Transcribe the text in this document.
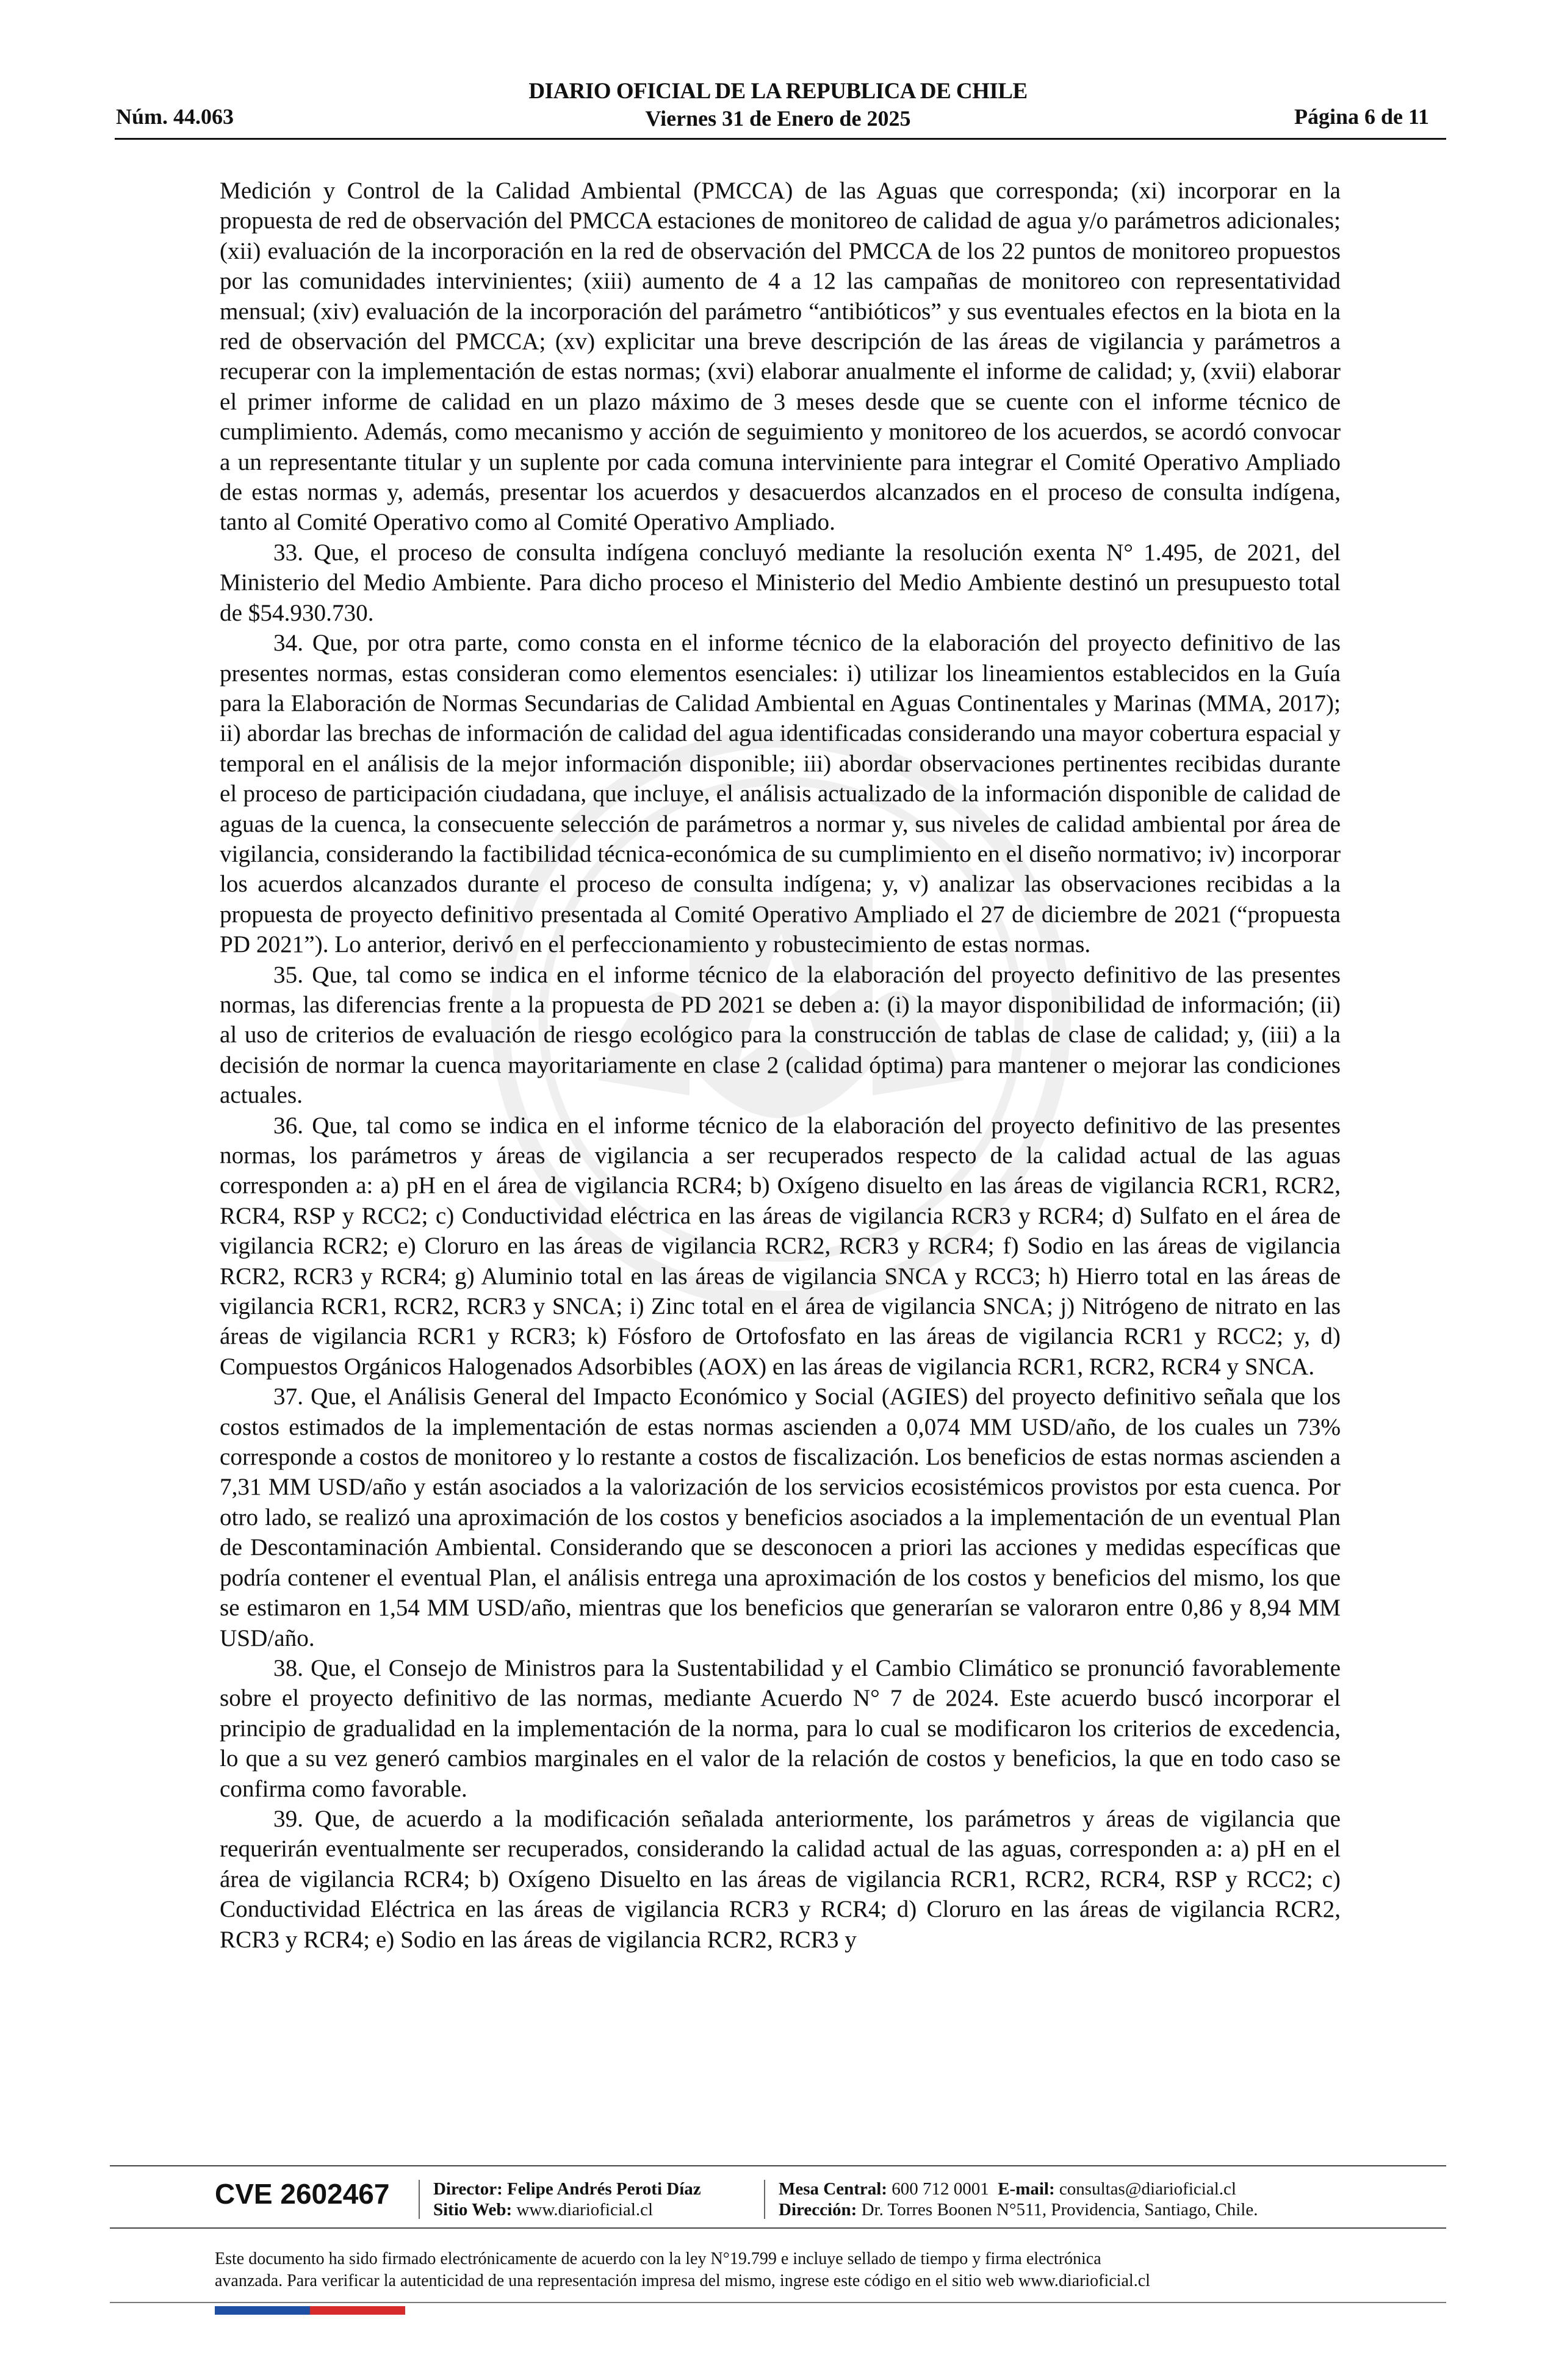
Núm. 44.063
DIARIO OFICIAL DE LA REPUBLICA DE CHILE
Viernes 31 de Enero de 2025	Página 6 de 11

Medición y Control de la Calidad Ambiental (PMCCA) de las Aguas que corresponda; (xi) incorporar en la propuesta de red de observación del PMCCA estaciones de monitoreo de calidad de agua y/o parámetros adicionales; (xii) evaluación de la incorporación en la red de observación del PMCCA de los 22 puntos de monitoreo propuestos por las comunidades intervinientes; (xiii) aumento de 4 a 12 las campañas de monitoreo con representatividad mensual; (xiv) evaluación de la incorporación del parámetro “antibióticos” y sus eventuales efectos en la biota en la red de observación del PMCCA; (xv) explicitar una breve descripción de las áreas de vigilancia y parámetros a recuperar con la implementación de estas normas; (xvi) elaborar anualmente el informe de calidad; y, (xvii) elaborar el primer informe de calidad en un plazo máximo de 3 meses desde que se cuente con el informe técnico de cumplimiento. Además, como mecanismo y acción de seguimiento y monitoreo de los acuerdos, se acordó convocar a un representante titular y un suplente por cada comuna interviniente para integrar el Comité Operativo Ampliado de estas normas y, además, presentar los acuerdos y desacuerdos alcanzados en el proceso de consulta indígena, tanto al Comité Operativo como al Comité Operativo Ampliado.

33. Que, el proceso de consulta indígena concluyó mediante la resolución exenta N° 1.495, de 2021, del Ministerio del Medio Ambiente. Para dicho proceso el Ministerio del Medio Ambiente destinó un presupuesto total de $54.930.730.

34. Que, por otra parte, como consta en el informe técnico de la elaboración del proyecto definitivo de las presentes normas, estas consideran como elementos esenciales: i) utilizar los lineamientos establecidos en la Guía para la Elaboración de Normas Secundarias de Calidad Ambiental en Aguas Continentales y Marinas (MMA, 2017); ii) abordar las brechas de información de calidad del agua identificadas considerando una mayor cobertura espacial y temporal en el análisis de la mejor información disponible; iii) abordar observaciones pertinentes recibidas durante el proceso de participación ciudadana, que incluye, el análisis actualizado de la información disponible de calidad de aguas de la cuenca, la consecuente selección de parámetros a normar y, sus niveles de calidad ambiental por área de vigilancia, considerando la factibilidad técnica-económica de su cumplimiento en el diseño normativo; iv) incorporar los acuerdos alcanzados durante el proceso de consulta indígena; y, v) analizar las observaciones recibidas a la propuesta de proyecto definitivo presentada al Comité Operativo Ampliado el 27 de diciembre de 2021 (“propuesta PD 2021”). Lo anterior, derivó en el perfeccionamiento y robustecimiento de estas normas.

35. Que, tal como se indica en el informe técnico de la elaboración del proyecto definitivo de las presentes normas, las diferencias frente a la propuesta de PD 2021 se deben a: (i) la mayor disponibilidad de información; (ii) al uso de criterios de evaluación de riesgo ecológico para la construcción de tablas de clase de calidad; y, (iii) a la decisión de normar la cuenca mayoritariamente en clase 2 (calidad óptima) para mantener o mejorar las condiciones actuales.

36. Que, tal como se indica en el informe técnico de la elaboración del proyecto definitivo de las presentes normas, los parámetros y áreas de vigilancia a ser recuperados respecto de la calidad actual de las aguas corresponden a: a) pH en el área de vigilancia RCR4; b) Oxígeno disuelto en las áreas de vigilancia RCR1, RCR2, RCR4, RSP y RCC2; c) Conductividad eléctrica en las áreas de vigilancia RCR3 y RCR4; d) Sulfato en el área de vigilancia RCR2; e) Cloruro en las áreas de vigilancia RCR2, RCR3 y RCR4; f) Sodio en las áreas de vigilancia RCR2, RCR3 y RCR4; g) Aluminio total en las áreas de vigilancia SNCA y RCC3; h) Hierro total en las áreas de vigilancia RCR1, RCR2, RCR3 y SNCA; i) Zinc total en el área de vigilancia SNCA; j) Nitrógeno de nitrato en las áreas de vigilancia RCR1 y RCR3; k) Fósforo de Ortofosfato en las áreas de vigilancia RCR1 y RCC2; y, d) Compuestos Orgánicos Halogenados Adsorbibles (AOX) en las áreas de vigilancia RCR1, RCR2, RCR4 y SNCA.

37. Que, el Análisis General del Impacto Económico y Social (AGIES) del proyecto definitivo señala que los costos estimados de la implementación de estas normas ascienden a 0,074 MM USD/año, de los cuales un 73% corresponde a costos de monitoreo y lo restante a costos de fiscalización. Los beneficios de estas normas ascienden a 7,31 MM USD/año y están asociados a la valorización de los servicios ecosistémicos provistos por esta cuenca. Por otro lado, se realizó una aproximación de los costos y beneficios asociados a la implementación de un eventual Plan de Descontaminación Ambiental. Considerando que se desconocen a priori las acciones y medidas específicas que podría contener el eventual Plan, el análisis entrega una aproximación de los costos y beneficios del mismo, los que se estimaron en 1,54 MM USD/año, mientras que los beneficios que generarían se valoraron entre 0,86 y 8,94 MM USD/año.

38. Que, el Consejo de Ministros para la Sustentabilidad y el Cambio Climático se pronunció favorablemente sobre el proyecto definitivo de las normas, mediante Acuerdo N° 7 de 2024. Este acuerdo buscó incorporar el principio de gradualidad en la implementación de la norma, para lo cual se modificaron los criterios de excedencia, lo que a su vez generó cambios marginales en el valor de la relación de costos y beneficios, la que en todo caso se confirma como favorable.

39. Que, de acuerdo a la modificación señalada anteriormente, los parámetros y áreas de vigilancia que requerirán eventualmente ser recuperados, considerando la calidad actual de las aguas, corresponden a: a) pH en el área de vigilancia RCR4; b) Oxígeno Disuelto en las áreas de vigilancia RCR1, RCR2, RCR4, RSP y RCC2; c) Conductividad Eléctrica en las áreas de vigilancia RCR3 y RCR4; d) Cloruro en las áreas de vigilancia RCR2, RCR3 y RCR4; e) Sodio en las áreas de vigilancia RCR2, RCR3 y

CVE 2602467 Director: Felipe Andrés Peroti Díaz
Sitio Web: www.diarioficial.cl
Mesa Central: 600 712 0001 E-mail: consultas@diarioficial.cl
Dirección: Dr. Torres Boonen N°511, Providencia, Santiago, Chile.
Este documento ha sido firmado electrónicamente de acuerdo con la ley N°19.799 e incluye sellado de tiempo y firma electrónica
avanzada. Para verificar la autenticidad de una representación impresa del mismo, ingrese este código en el sitio web www.diarioficial.cl
